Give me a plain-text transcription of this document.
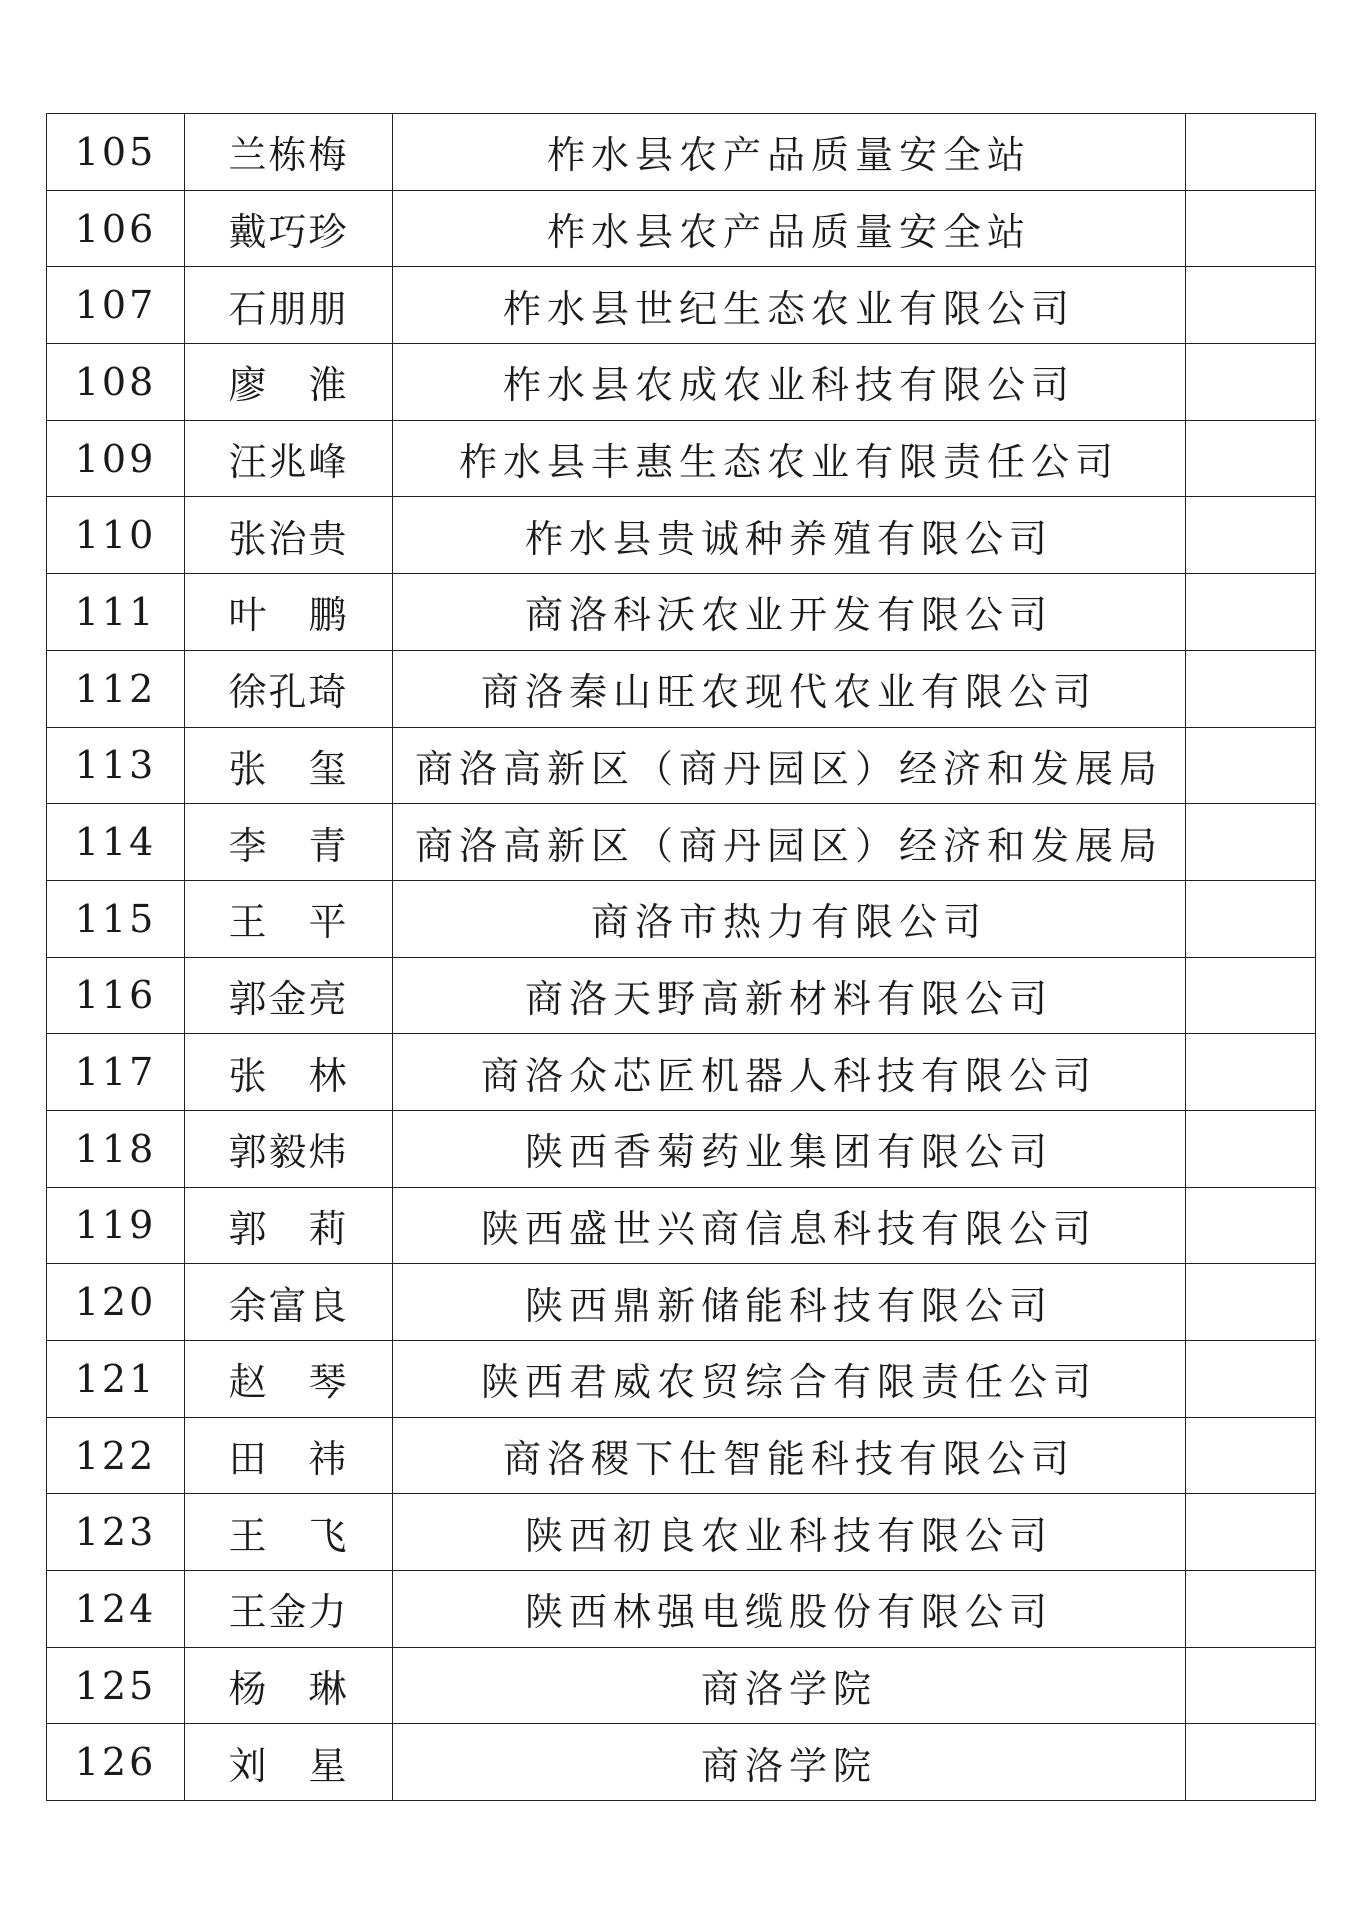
105	兰栋梅	柞水县农产品质量安全站	
106	戴巧珍	柞水县农产品质量安全站	
107	石朋朋	柞水县世纪生态农业有限公司	
108	廖　淮	柞水县农成农业科技有限公司	
109	汪兆峰	柞水县丰惠生态农业有限责任公司	
110	张治贵	柞水县贵诚种养殖有限公司	
111	叶　鹏	商洛科沃农业开发有限公司	
112	徐孔琦	商洛秦山旺农现代农业有限公司	
113	张　玺	商洛高新区（商丹园区）经济和发展局	
114	李　青	商洛高新区（商丹园区）经济和发展局	
115	王　平	商洛市热力有限公司	
116	郭金亮	商洛天野高新材料有限公司	
117	张　林	商洛众芯匠机器人科技有限公司	
118	郭毅炜	陕西香菊药业集团有限公司	
119	郭　莉	陕西盛世兴商信息科技有限公司	
120	余富良	陕西鼎新储能科技有限公司	
121	赵　琴	陕西君威农贸综合有限责任公司	
122	田　祎	商洛稷下仕智能科技有限公司	
123	王　飞	陕西初良农业科技有限公司	
124	王金力	陕西林强电缆股份有限公司	
125	杨　琳	商洛学院	
126	刘　星	商洛学院	
